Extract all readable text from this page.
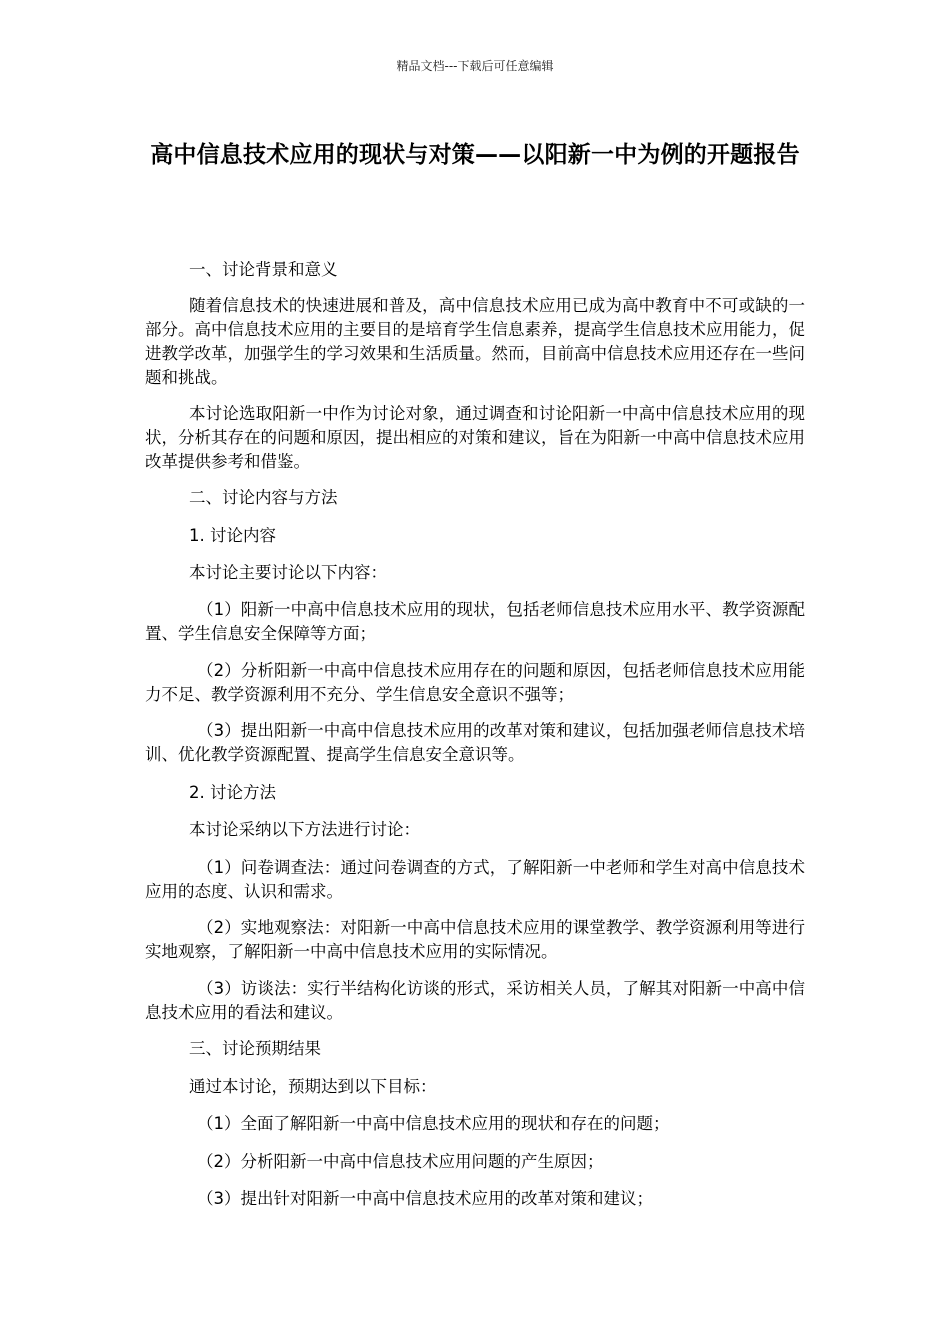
精品文档---下载后可任意编辑
高中信息技术应用的现状与对策——以阳新一中为例的开题报告

一、讨论背景和意义

随着信息技术的快速进展和普及，高中信息技术应用已成为高中教育中不可或缺的一部分。高中信息技术应用的主要目的是培育学生信息素养，提高学生信息技术应用能力，促进教学改革，加强学生的学习效果和生活质量。然而，目前高中信息技术应用还存在一些问题和挑战。

本讨论选取阳新一中作为讨论对象，通过调查和讨论阳新一中高中信息技术应用的现状，分析其存在的问题和原因，提出相应的对策和建议，旨在为阳新一中高中信息技术应用改革提供参考和借鉴。

二、讨论内容与方法

1. 讨论内容

本讨论主要讨论以下内容：

（1）阳新一中高中信息技术应用的现状，包括老师信息技术应用水平、教学资源配置、学生信息安全保障等方面；

（2）分析阳新一中高中信息技术应用存在的问题和原因，包括老师信息技术应用能力不足、教学资源利用不充分、学生信息安全意识不强等；

（3）提出阳新一中高中信息技术应用的改革对策和建议，包括加强老师信息技术培训、优化教学资源配置、提高学生信息安全意识等。

2. 讨论方法

本讨论采纳以下方法进行讨论：

（1）问卷调查法：通过问卷调查的方式，了解阳新一中老师和学生对高中信息技术应用的态度、认识和需求。

（2）实地观察法：对阳新一中高中信息技术应用的课堂教学、教学资源利用等进行实地观察，了解阳新一中高中信息技术应用的实际情况。

（3）访谈法：实行半结构化访谈的形式，采访相关人员，了解其对阳新一中高中信息技术应用的看法和建议。

三、讨论预期结果

通过本讨论，预期达到以下目标：

（1）全面了解阳新一中高中信息技术应用的现状和存在的问题；

（2）分析阳新一中高中信息技术应用问题的产生原因；

（3）提出针对阳新一中高中信息技术应用的改革对策和建议；
